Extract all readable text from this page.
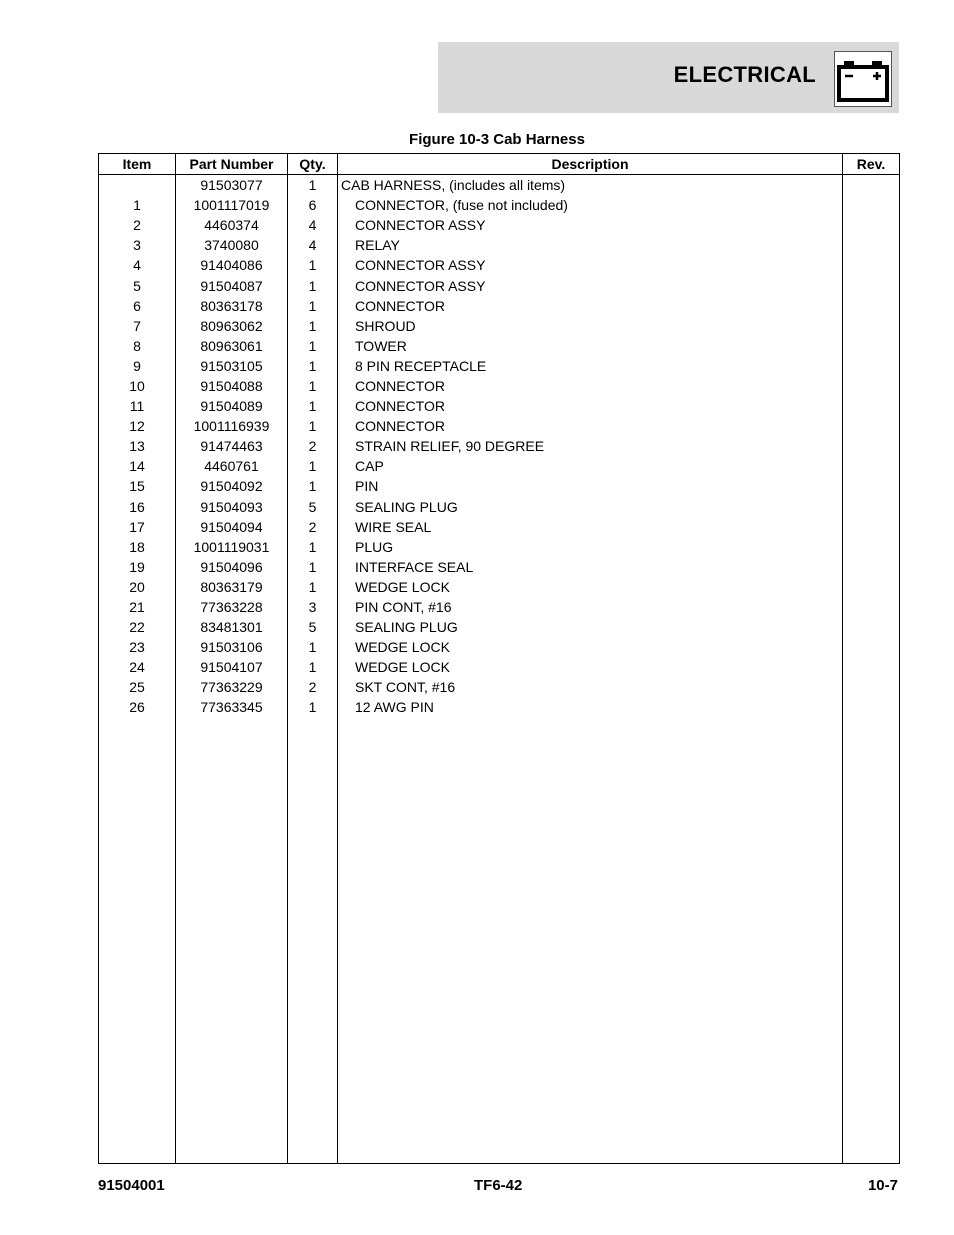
ELECTRICAL
Figure 10-3 Cab Harness
Item	Part Number	Qty.	Description	Rev.
	91503077	1	CAB HARNESS, (includes all items)	
1	1001117019	6	CONNECTOR, (fuse not included)	
2	4460374	4	CONNECTOR ASSY	
3	3740080	4	RELAY	
4	91404086	1	CONNECTOR ASSY	
5	91504087	1	CONNECTOR ASSY	
6	80363178	1	CONNECTOR	
7	80963062	1	SHROUD	
8	80963061	1	TOWER	
9	91503105	1	8 PIN RECEPTACLE	
10	91504088	1	CONNECTOR	
11	91504089	1	CONNECTOR	
12	1001116939	1	CONNECTOR	
13	91474463	2	STRAIN RELIEF, 90 DEGREE	
14	4460761	1	CAP	
15	91504092	1	PIN	
16	91504093	5	SEALING PLUG	
17	91504094	2	WIRE SEAL	
18	1001119031	1	PLUG	
19	91504096	1	INTERFACE SEAL	
20	80363179	1	WEDGE LOCK	
21	77363228	3	PIN CONT, #16	
22	83481301	5	SEALING PLUG	
23	91503106	1	WEDGE LOCK	
24	91504107	1	WEDGE LOCK	
25	77363229	2	SKT CONT, #16	
26	77363345	1	12 AWG PIN	

91504001	TF6-42	10-7
